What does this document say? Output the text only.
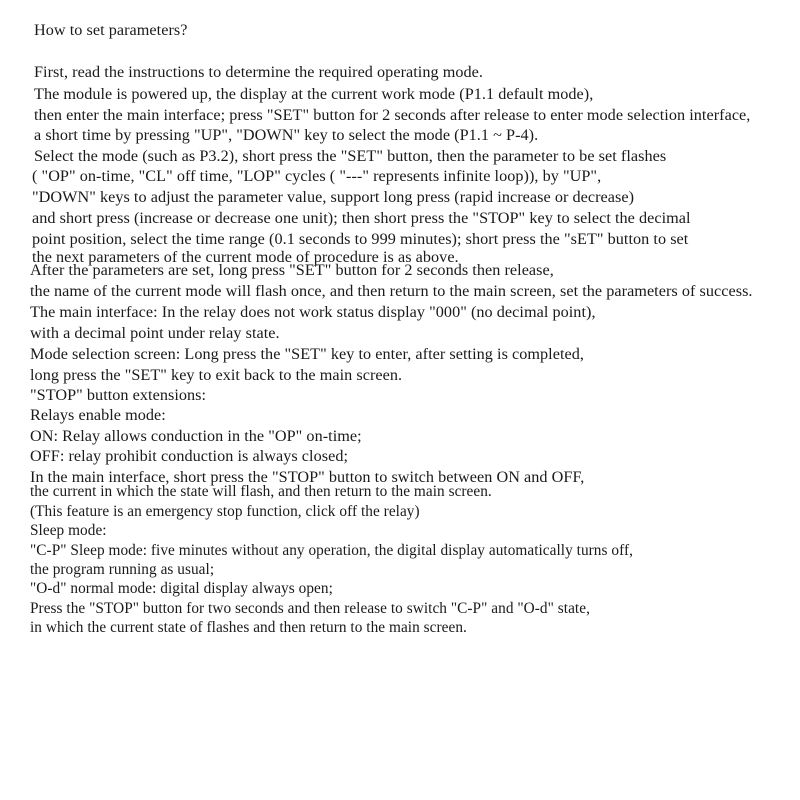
How to set parameters?
First, read the instructions to determine the required operating mode.
The module is powered up, the display at the current work mode (P1.1 default mode),
then enter the main interface; press "SET" button for 2 seconds after release to enter mode selection interface,
a short time by pressing "UP", "DOWN" key to select the mode (P1.1 ~ P-4).
Select the mode (such as P3.2), short press the "SET" button, then the parameter to be set flashes
( "OP" on-time, "CL" off time, "LOP" cycles ( "---" represents infinite loop)), by "UP",
"DOWN" keys to adjust the parameter value, support long press (rapid increase or decrease)
and short press (increase or decrease one unit); then short press the "STOP" key to select the decimal
point position, select the time range (0.1 seconds to 999 minutes); short press the "sET" button to set
the next parameters of the current mode of procedure is as above.
After the parameters are set, long press "SET" button for 2 seconds then release,
the name of the current mode will flash once, and then return to the main screen, set the parameters of success.
The main interface: In the relay does not work status display "000" (no decimal point),
with a decimal point under relay state.
Mode selection screen: Long press the "SET" key to enter, after setting is completed,
long press the "SET" key to exit back to the main screen.
"STOP" button extensions:
Relays enable mode:
ON: Relay allows conduction in the "OP" on-time;
OFF: relay prohibit conduction is always closed;
In the main interface, short press the "STOP" button to switch between ON and OFF,
the current in which the state will flash, and then return to the main screen.
(This feature is an emergency stop function, click off the relay)
Sleep mode:
"C-P" Sleep mode: five minutes without any operation, the digital display automatically turns off,
the program running as usual;
"O-d" normal mode: digital display always open;
Press the "STOP" button for two seconds and then release to switch "C-P" and "O-d" state,
in which the current state of flashes and then return to the main screen.
